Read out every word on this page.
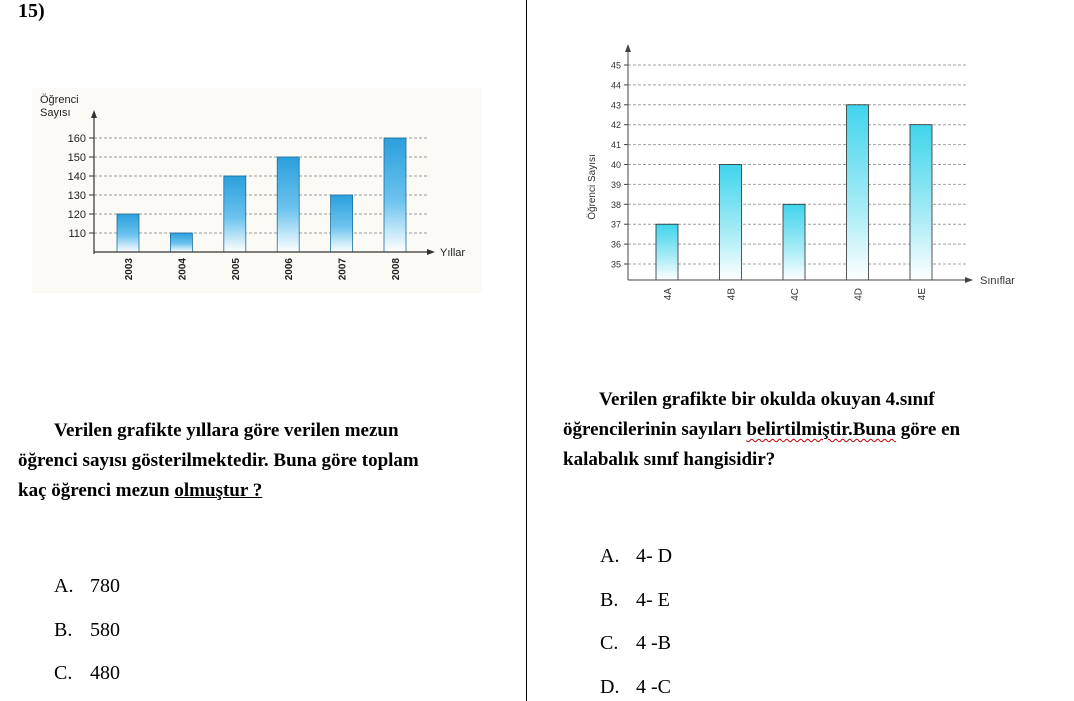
15)
Öğrenci
Sayısı
110
120
130
140
150
160
2003	2004	2005	2006	2007	2008
Yıllar
Öğrenci Sayısı
35
36
37
38
39
40
41
42
43
44
45
4A	4B	4C	4D	4E
Sınıflar
Verilen grafikte yıllara göre verilen mezun
öğrenci sayısı gösterilmektedir. Buna göre toplam
kaç öğrenci mezun olmuştur ?
A. 780
B. 580
C. 480
Verilen grafikte bir okulda okuyan 4.sınıf
öğrencilerinin sayıları belirtilmiştir.Buna göre en
kalabalık sınıf hangisidir?
A. 4- D
B. 4- E
C. 4 -B
D. 4 -C
